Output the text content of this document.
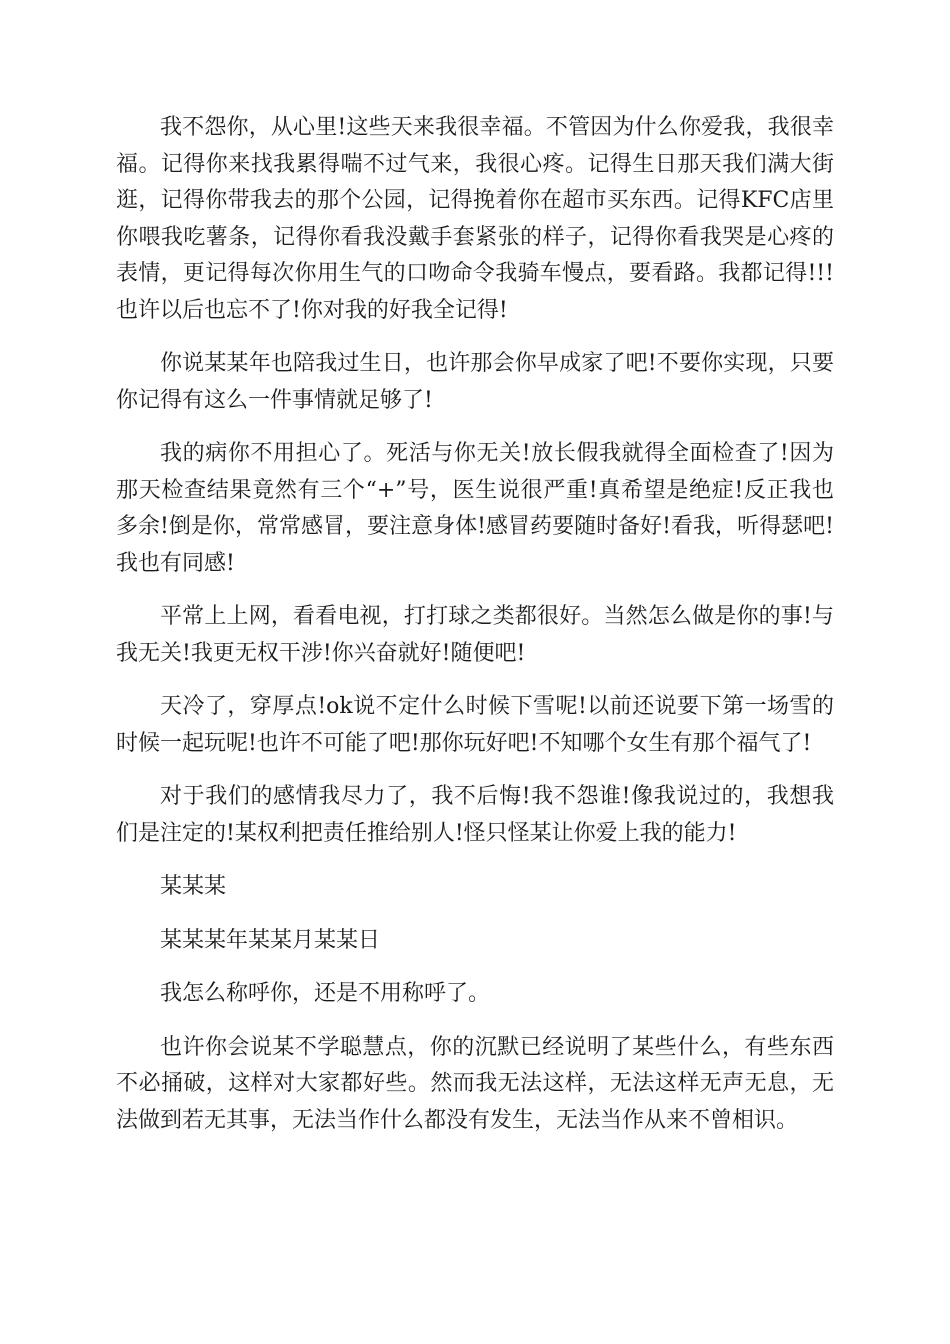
我不怨你，从心里!这些天来我很幸福。不管因为什么你爱我，我很幸福。记得你来找我累得喘不过气来，我很心疼。记得生日那天我们满大街逛，记得你带我去的那个公园，记得挽着你在超市买东西。记得KFC店里你喂我吃薯条，记得你看我没戴手套紧张的样子，记得你看我哭是心疼的表情，更记得每次你用生气的口吻命令我骑车慢点，要看路。我都记得!!!也许以后也忘不了!你对我的好我全记得!

你说某某年也陪我过生日，也许那会你早成家了吧!不要你实现，只要你记得有这么一件事情就足够了!

我的病你不用担心了。死活与你无关!放长假我就得全面检查了!因为那天检查结果竟然有三个“+”号，医生说很严重!真希望是绝症!反正我也多余!倒是你，常常感冒，要注意身体!感冒药要随时备好!看我，听得瑟吧!我也有同感!

平常上上网，看看电视，打打球之类都很好。当然怎么做是你的事!与我无关!我更无权干涉!你兴奋就好!随便吧!

天冷了，穿厚点!ok说不定什么时候下雪呢!以前还说要下第一场雪的时候一起玩呢!也许不可能了吧!那你玩好吧!不知哪个女生有那个福气了!

对于我们的感情我尽力了，我不后悔!我不怨谁!像我说过的，我想我们是注定的!某权利把责任推给别人!怪只怪某让你爱上我的能力!

某某某

某某某年某某月某某日

我怎么称呼你，还是不用称呼了。

也许你会说某不学聪慧点，你的沉默已经说明了某些什么，有些东西不必捅破，这样对大家都好些。然而我无法这样，无法这样无声无息，无法做到若无其事，无法当作什么都没有发生，无法当作从来不曾相识。
